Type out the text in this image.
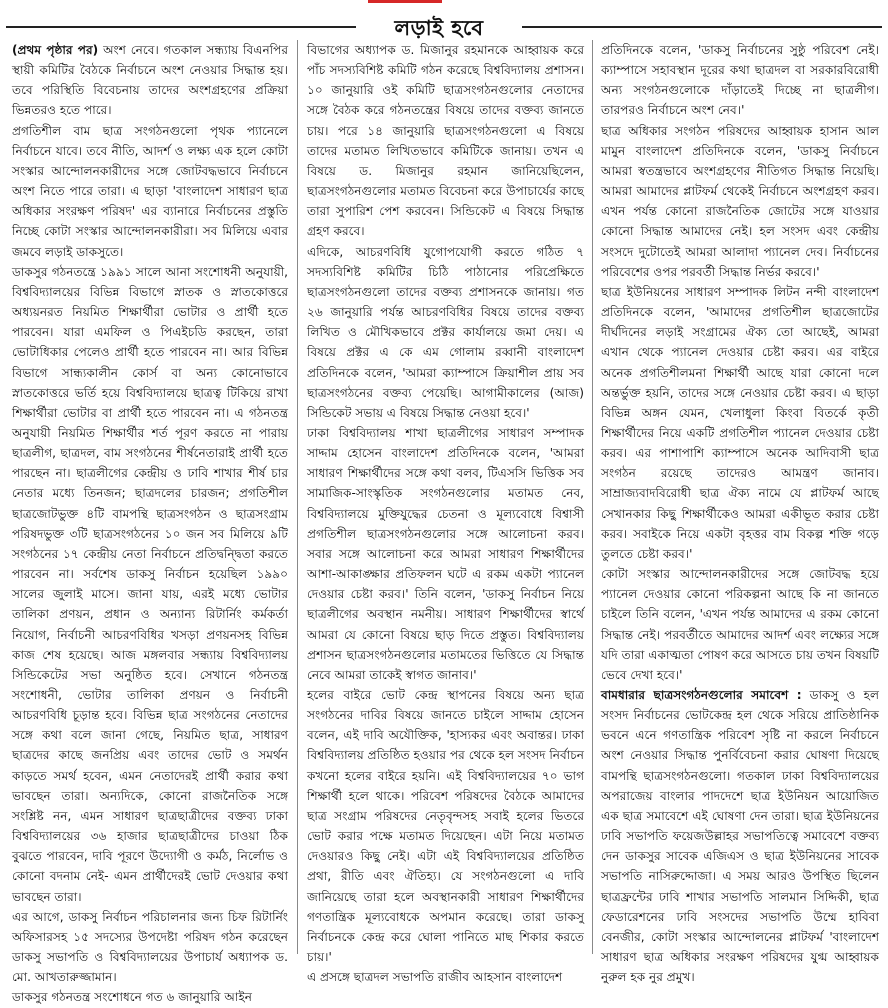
লড়াই হবে

(প্রথম পৃষ্ঠার পর) অংশ নেবে। গতকাল সন্ধ্যায় বিএনপির স্থায়ী কমিটির বৈঠকে নির্বাচনে অংশ নেওয়ার সিদ্ধান্ত হয়। তবে পরিস্থিতি বিবেচনায় তাদের অংশগ্রহণের প্রক্রিয়া ভিন্নতরও হতে পারে।

প্রগতিশীল বাম ছাত্র সংগঠনগুলো পৃথক প্যানেলে নির্বাচনে যাবে। তবে নীতি, আদর্শ ও লক্ষ্য এক হলে কোটা সংস্কার আন্দোলনকারীদের সঙ্গে জোটবদ্ধভাবে নির্বাচনে অংশ নিতে পারে তারা। এ ছাড়া 'বাংলাদেশ সাধারণ ছাত্র অধিকার সংরক্ষণ পরিষদ' এর ব্যানারে নির্বাচনের প্রস্তুতি নিচ্ছে কোটা সংস্কার আন্দোলনকারীরা। সব মিলিয়ে এবার জমবে লড়াই ডাকসুতে।

ডাকসুর গঠনতন্ত্রে ১৯৯১ সালে আনা সংশোধনী অনুযায়ী, বিশ্ববিদ্যালয়ের বিভিন্ন বিভাগে স্নাতক ও স্নাতকোত্তরে অধ্যয়নরত নিয়মিত শিক্ষার্থীরা ভোটার ও প্রার্থী হতে পারবেন। যারা এমফিল ও পিএইচডি করছেন, তারা ভোটাধিকার পেলেও প্রার্থী হতে পারবেন না। আর বিভিন্ন বিভাগে সান্ধ্যকালীন কোর্স বা অন্য কোনোভাবে স্নাতকোত্তরে ভর্তি হয়ে বিশ্ববিদ্যালয়ে ছাত্রত্ব টিকিয়ে রাখা শিক্ষার্থীরা ভোটার বা প্রার্থী হতে পারবেন না। এ গঠনতন্ত্র অনুযায়ী নিয়মিত শিক্ষার্থীর শর্ত পূরণ করতে না পারায় ছাত্রলীগ, ছাত্রদল, বাম সংগঠনের শীর্ষনেতারাই প্রার্থী হতে পারছেন না। ছাত্রলীগের কেন্দ্রীয় ও ঢাবি শাখার শীর্ষ চার নেতার মধ্যে তিনজন; ছাত্রদলের চারজন; প্রগতিশীল ছাত্রজোটভুক্ত ৪টি বামপন্থি ছাত্রসংগঠন ও ছাত্রসংগ্রাম পরিষদভুক্ত ৩টি ছাত্রসংগঠনের ১০ জন সব মিলিয়ে ৯টি সংগঠনের ১৭ কেন্দ্রীয় নেতা নির্বাচনে প্রতিদ্বন্দ্বিতা করতে পারবেন না। সর্বশেষ ডাকসু নির্বাচন হয়েছিল ১৯৯০ সালের জুলাই মাসে। জানা যায়, এরই মধ্যে ভোটার তালিকা প্রণয়ন, প্রধান ও অন্যান্য রিটার্নিং কর্মকর্তা নিয়োগ, নির্বাচনী আচরণবিধির খসড়া প্রণয়নসহ বিভিন্ন কাজ শেষ হয়েছে। আজ মঙ্গলবার সন্ধ্যায় বিশ্ববিদ্যালয় সিন্ডিকেটের সভা অনুষ্ঠিত হবে। সেখানে গঠনতন্ত্র সংশোধনী, ভোটার তালিকা প্রণয়ন ও নির্বাচনী আচরণবিধি চূড়ান্ত হবে। বিভিন্ন ছাত্র সংগঠনের নেতাদের সঙ্গে কথা বলে জানা গেছে, নিয়মিত ছাত্র, সাধারণ ছাত্রদের কাছে জনপ্রিয় এবং তাদের ভোট ও সমর্থন কাড়তে সমর্থ হবেন, এমন নেতাদেরই প্রার্থী করার কথা ভাবছেন তারা। অন্যদিকে, কোনো রাজনৈতিক সঙ্গে সংশ্লিষ্ট নন, এমন সাধারণ ছাত্রছাত্রীদের বক্তব্য ঢাকা বিশ্ববিদ্যালয়ের ৩৬ হাজার ছাত্রছাত্রীদের চাওয়া ঠিক বুঝতে পারবেন, দাবি পূরণে উদ্যোগী ও কর্মঠ, নির্লোভ ও কোনো বদনাম নেই- এমন প্রার্থীদেরই ভোট দেওয়ার কথা ভাবছেন তারা।

এর আগে, ডাকসু নির্বাচন পরিচালনার জন্য চিফ রিটার্নিং অফিসারসহ ১৫ সদস্যের উপদেষ্টা পরিষদ গঠন করেছেন ডাকসু সভাপতি ও বিশ্ববিদ্যালয়ের উপাচার্য অধ্যাপক ড. মো. আখতারুজ্জামান।

ডাকসুর গঠনতন্ত্র সংশোধনে গত ৬ জানুয়ারি আইন

বিভাগের অধ্যাপক ড. মিজানুর রহমানকে আহ্বায়ক করে পাঁচ সদস্যবিশিষ্ট কমিটি গঠন করেছে বিশ্ববিদ্যালয় প্রশাসন। ১০ জানুয়ারি ওই কমিটি ছাত্রসংগঠনগুলোর নেতাদের সঙ্গে বৈঠক করে গঠনতন্ত্রের বিষয়ে তাদের বক্তব্য জানতে চায়। পরে ১৪ জানুয়ারি ছাত্রসংগঠনগুলো এ বিষয়ে তাদের মতামত লিখিতভাবে কমিটিকে জানায়। তখন এ বিষয়ে ড. মিজানুর রহমান জানিয়েছিলেন, ছাত্রসংগঠনগুলোর মতামত বিবেচনা করে উপাচার্যের কাছে তারা সুপারিশ পেশ করবেন। সিন্ডিকেট এ বিষয়ে সিদ্ধান্ত গ্রহণ করবে।

এদিকে, আচরণবিধি যুগোপযোগী করতে গঠিত ৭ সদস্যবিশিষ্ট কমিটির চিঠি পাঠানোর পরিপ্রেক্ষিতে ছাত্রসংগঠনগুলো তাদের বক্তব্য প্রশাসনকে জানায়। গত ২৬ জানুয়ারি পর্যন্ত আচরণবিধির বিষয়ে তাদের বক্তব্য লিখিত ও মৌখিকভাবে প্রক্টর কার্যালয়ে জমা দেয়। এ বিষয়ে প্রক্টর এ কে এম গোলাম রব্বানী বাংলাদেশ প্রতিদিনকে বলেন, 'আমরা ক্যাম্পাসে ক্রিয়াশীল প্রায় সব ছাত্রসংগঠনের বক্তব্য পেয়েছি। আগামীকালের (আজ) সিন্ডিকেট সভায় এ বিষয়ে সিদ্ধান্ত নেওয়া হবে।'

ঢাকা বিশ্ববিদ্যালয় শাখা ছাত্রলীগের সাধারণ সম্পাদক সাদ্দাম হোসেন বাংলাদেশ প্রতিদিনকে বলেন, 'আমরা সাধারণ শিক্ষার্থীদের সঙ্গে কথা বলব, টিএসসি ভিত্তিক সব সামাজিক-সাংস্কৃতিক সংগঠনগুলোর মতামত নেব, বিশ্ববিদ্যালয়ে মুক্তিযুদ্ধের চেতনা ও মূল্যবোধে বিশ্বাসী প্রগতিশীল ছাত্রসংগঠনগুলোর সঙ্গে আলোচনা করব। সবার সঙ্গে আলোচনা করে আমরা সাধারণ শিক্ষার্থীদের আশা-আকাঙ্ক্ষার প্রতিফলন ঘটে এ রকম একটা প্যানেল দেওয়ার চেষ্টা করব।' তিনি বলেন, 'ডাকসু নির্বাচন নিয়ে ছাত্রলীগের অবস্থান নমনীয়। সাধারণ শিক্ষার্থীদের স্বার্থে আমরা যে কোনো বিষয়ে ছাড় দিতে প্রস্তুত। বিশ্ববিদ্যালয় প্রশাসন ছাত্রসংগঠনগুলোর মতামতের ভিত্তিতে যে সিদ্ধান্ত নেবে আমরা তাকেই স্বাগত জানাব।'

হলের বাইরে ভোট কেন্দ্র স্থাপনের বিষয়ে অন্য ছাত্র সংগঠনের দাবির বিষয়ে জানতে চাইলে সাদ্দাম হোসেন বলেন, এই দাবি অযৌক্তিক, 'হাস্যকর এবং অবান্তর। ঢাকা বিশ্ববিদ্যালয় প্রতিষ্ঠিত হওয়ার পর থেকে হল সংসদ নির্বাচন কখনো হলের বাইরে হয়নি। এই বিশ্ববিদ্যালয়ের ৭০ ভাগ শিক্ষার্থী হলে থাকে। পরিবেশ পরিষদের বৈঠকে আমাদের ছাত্র সংগ্রাম পরিষদের নেতৃবৃন্দসহ সবাই হলের ভিতরে ভোট করার পক্ষে মতামত দিয়েছেন। এটা নিয়ে মতামত দেওয়ারও কিছু নেই। এটা এই বিশ্ববিদ্যালয়ের প্রতিষ্ঠিত প্রথা, রীতি এবং ঐতিহ্য। যে সংগঠনগুলো এ দাবি জানিয়েছে তারা হলে অবস্থানকারী সাধারণ শিক্ষার্থীদের গণতান্ত্রিক মূল্যবোধকে অপমান করেছে। তারা ডাকসু নির্বাচনকে কেন্দ্র করে ঘোলা পানিতে মাছ শিকার করতে চায়।'

এ প্রসঙ্গে ছাত্রদল সভাপতি রাজীব আহসান বাংলাদেশ

প্রতিদিনকে বলেন, 'ডাকসু নির্বাচনের সুষ্ঠু পরিবেশ নেই। ক্যাম্পাসে সহাবস্থান দূরের কথা ছাত্রদল বা সরকারবিরোধী অন্য সংগঠনগুলোকে দাঁড়াতেই দিচ্ছে না ছাত্রলীগ। তারপরও নির্বাচনে অংশ নেব।'

ছাত্র অধিকার সংগঠন পরিষদের আহ্বায়ক হাসান আল মামুন বাংলাদেশ প্রতিদিনকে বলেন, 'ডাকসু নির্বাচনে আমরা স্বতন্ত্রভাবে অংশগ্রহণের নীতিগত সিদ্ধান্ত নিয়েছি। আমরা আমাদের প্লাটফর্ম থেকেই নির্বাচনে অংশগ্রহণ করব। এখন পর্যন্ত কোনো রাজনৈতিক জোটের সঙ্গে যাওয়ার কোনো সিদ্ধান্ত আমাদের নেই। হল সংসদ এবং কেন্দ্রীয় সংসদে দুটোতেই আমরা আলাদা প্যানেল দেব। নির্বাচনের পরিবেশের ওপর পরবর্তী সিদ্ধান্ত নির্ভর করবে।'

ছাত্র ইউনিয়নের সাধারণ সম্পাদক লিটন নন্দী বাংলাদেশ প্রতিদিনকে বলেন, 'আমাদের প্রগতিশীল ছাত্রজোটের দীর্ঘদিনের লড়াই সংগ্রামের ঐক্য তো আছেই, আমরা এখান থেকে প্যানেল দেওয়ার চেষ্টা করব। এর বাইরে অনেক প্রগতিশীলমনা শিক্ষার্থী আছে যারা কোনো দলে অন্তর্ভুক্ত হয়নি, তাদের সঙ্গে নেওয়ার চেষ্টা করব। এ ছাড়া বিভিন্ন অঙ্গন যেমন, খেলাধুলা কিংবা বিতর্কে কৃতী শিক্ষার্থীদের নিয়ে একটি প্রগতিশীল প্যানেল দেওয়ার চেষ্টা করব। এর পাশাপাশি ক্যাম্পাসে অনেক আদিবাসী ছাত্র সংগঠন রয়েছে তাদেরও আমন্ত্রণ জানাব। সাম্রাজ্যবাদবিরোধী ছাত্র ঐক্য নামে যে প্লাটফর্ম আছে সেখানকার কিছু শিক্ষার্থীকেও আমরা একীভূত করার চেষ্টা করব। সবাইকে নিয়ে একটা বৃহত্তর বাম বিকল্প শক্তি গড়ে তুলতে চেষ্টা করব।'

কোটা সংস্কার আন্দোলনকারীদের সঙ্গে জোটবদ্ধ হয়ে প্যানেল দেওয়ার কোনো পরিকল্পনা আছে কি না জানতে চাইলে তিনি বলেন, 'এখন পর্যন্ত আমাদের এ রকম কোনো সিদ্ধান্ত নেই। পরবর্তীতে আমাদের আদর্শ এবং লক্ষ্যের সঙ্গে যদি তারা একাত্মতা পোষণ করে আসতে চায় তখন বিষয়টি ভেবে দেখা হবে।'

বামধারার ছাত্রসংগঠনগুলোর সমাবেশ : ডাকসু ও হল সংসদ নির্বাচনের ভোটকেন্দ্র হল থেকে সরিয়ে প্রাতিষ্ঠানিক ভবনে এনে গণতান্ত্রিক পরিবেশ সৃষ্টি না করলে নির্বাচনে অংশ নেওয়ার সিদ্ধান্ত পুনর্বিবেচনা করার ঘোষণা দিয়েছে বামপন্থি ছাত্রসংগঠনগুলো। গতকাল ঢাকা বিশ্ববিদ্যালয়ের অপরাজেয় বাংলার পাদদেশে ছাত্র ইউনিয়ন আয়োজিত এক ছাত্র সমাবেশে এই ঘোষণা দেন তারা। ছাত্র ইউনিয়নের ঢাবি সভাপতি ফয়েজউল্লাহর সভাপতিত্বে সমাবেশে বক্তব্য দেন ডাকসুর সাবেক এজিএস ও ছাত্র ইউনিয়নের সাবেক সভাপতি নাসিরুদ্দোজা। এ সময় আরও উপস্থিত ছিলেন ছাত্রফ্রন্টের ঢাবি শাখার সভাপতি সালমান সিদ্দিকী, ছাত্র ফেডারেশনের ঢাবি সংসদের সভাপতি উম্মে হাবিবা বেনজীর, কোটা সংস্কার আন্দোলনের প্লাটফর্ম 'বাংলাদেশ সাধারণ ছাত্র অধিকার সংরক্ষণ পরিষদের যুগ্ম আহ্বায়ক নুরুল হক নুর প্রমুখ।
